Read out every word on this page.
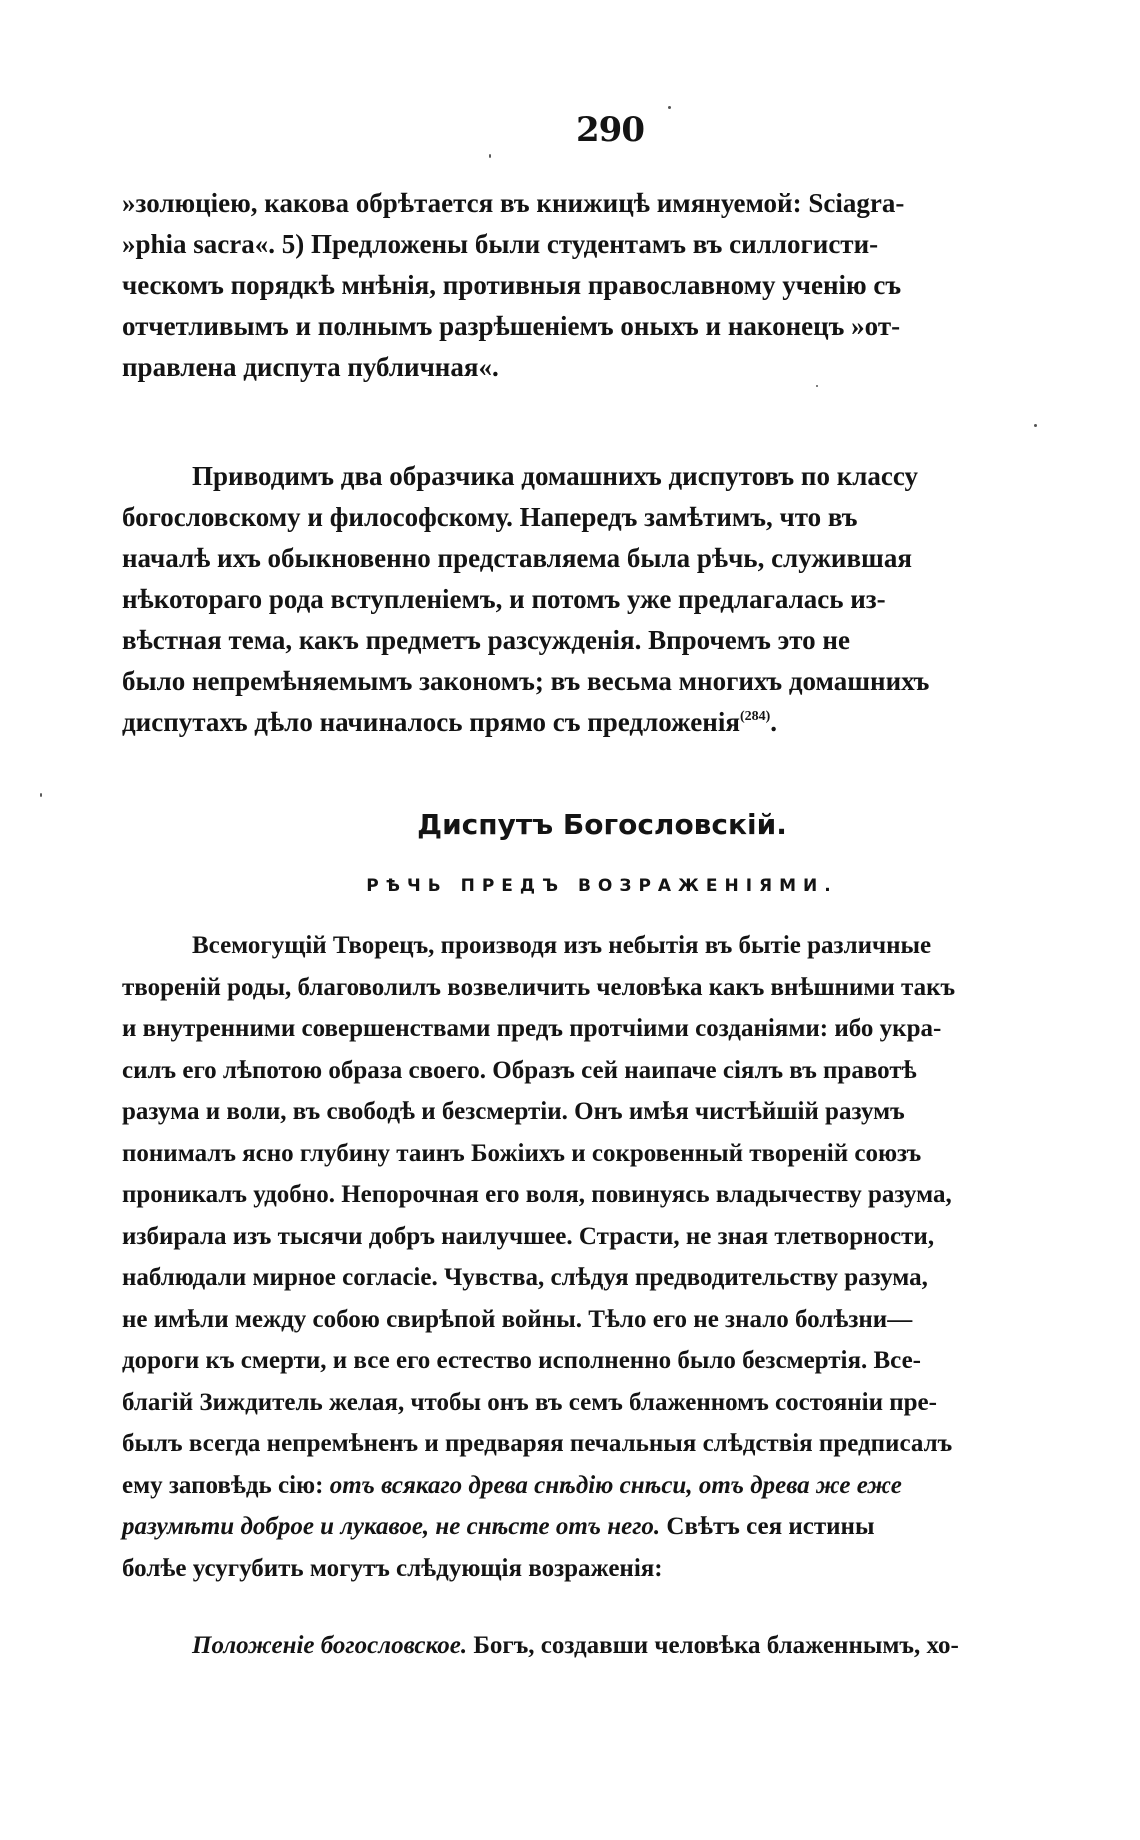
290
»золюціею, какова обрѣтается въ книжицѣ имянуемой: Sciagra-
»phia sacra«. 5) Предложены были студентамъ въ силлогисти-
ческомъ порядкѣ мнѣнія, противныя православному ученію съ
отчетливымъ и полнымъ разрѣшеніемъ оныхъ и наконецъ »от-
правлена диспута публичная«.
Приводимъ два образчика домашнихъ диспутовъ по классу
богословскому и философскому. Напередъ замѣтимъ, что въ
началѣ ихъ обыкновенно представляема была рѣчь, служившая
нѣкотораго рода вступленіемъ, и потомъ уже предлагалась из-
вѣстная тема, какъ предметъ разсужденія. Впрочемъ это не
было непремѣняемымъ закономъ; въ весьма многихъ домашнихъ
диспутахъ дѣло начиналось прямо съ предложенія$^{(284)}$.
Диспутъ Богословскій.
РѢЧЬ ПРЕДЪ ВОЗРАЖЕНІЯМИ.
Всемогущій Творецъ, производя изъ небытія въ бытіе различные
твореній роды, благоволилъ возвеличить человѣка какъ внѣшними такъ
и внутренними совершенствами предъ протчіими созданіями: ибо укра-
силъ его лѣпотою образа своего. Образъ сей наипаче сіялъ въ правотѣ
разума и воли, въ свободѣ и безсмертіи. Онъ имѣя чистѣйшій разумъ
понималъ ясно глубину таинъ Божіихъ и сокровенный твореній союзъ
проникалъ удобно. Непорочная его воля, повинуясь владычеству разума,
избирала изъ тысячи добръ наилучшее. Страсти, не зная тлетворности,
наблюдали мирное согласіе. Чувства, слѣдуя предводительству разума,
не имѣли между собою свирѣпой войны. Тѣло его не знало болѣзни—
дороги къ смерти, и все его естество исполненно было безсмертія. Все-
благій Зиждитель желая, чтобы онъ въ семъ блаженномъ состояніи пре-
былъ всегда непремѣненъ и предваряя печальныя слѣдствія предписалъ
ему заповѣдь сію: отъ всякаго древа снѣдію снѣси, отъ древа же еже
разумѣти доброе и лукавое, не снѣсте отъ него. Свѣтъ сея истины
болѣе усугубить могутъ слѣдующія возраженія:
Положеніе богословское. Богъ, создавши человѣка блаженнымъ, хо-
